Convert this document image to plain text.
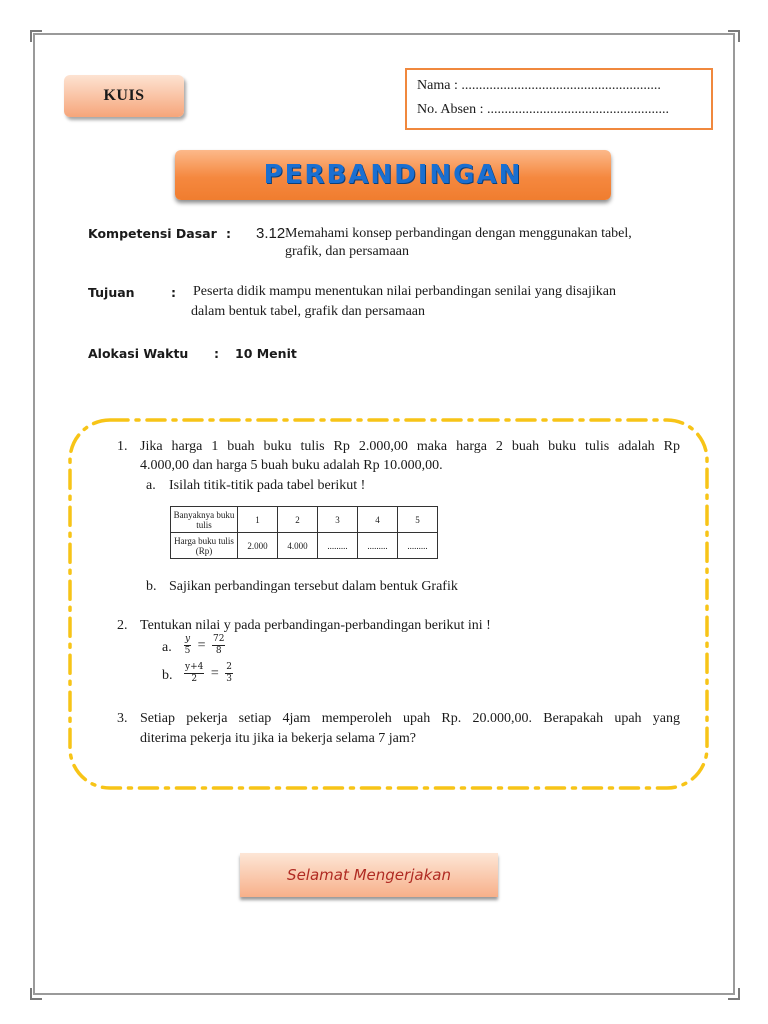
KUIS
Nama : .........................................................
No. Absen : ....................................................
PERBANDINGAN
Kompetensi Dasar : 3.12 Memahami konsep perbandingan dengan menggunakan tabel,
grafik, dan persamaan
Tujuan	: Peserta didik mampu menentukan nilai perbandingan senilai yang disajikan
dalam bentuk tabel, grafik dan persamaan
Alokasi Waktu : 10 Menit
1. Jika harga 1 buah buku tulis Rp 2.000,00 maka harga 2 buah buku tulis adalah Rp
4.000,00 dan harga 5 buah buku adalah Rp 10.000,00.
a. Isilah titik-titik pada tabel berikut !
Banyaknya buku tulis	1	2	3	4	5
Harga buku tulis (Rp)	2.000	4.000	.........	.........	.........
b. Sajikan perbandingan tersebut dalam bentuk Grafik
2. Tentukan nilai y pada perbandingan-perbandingan berikut ini !
a. $\frac{y}{5} = \frac{72}{8}$
b. $\frac{y+4}{2} = \frac{2}{3}$
3. Setiap pekerja setiap 4jam memperoleh upah Rp. 20.000,00. Berapakah upah yang
diterima pekerja itu jika ia bekerja selama 7 jam?
Selamat Mengerjakan
